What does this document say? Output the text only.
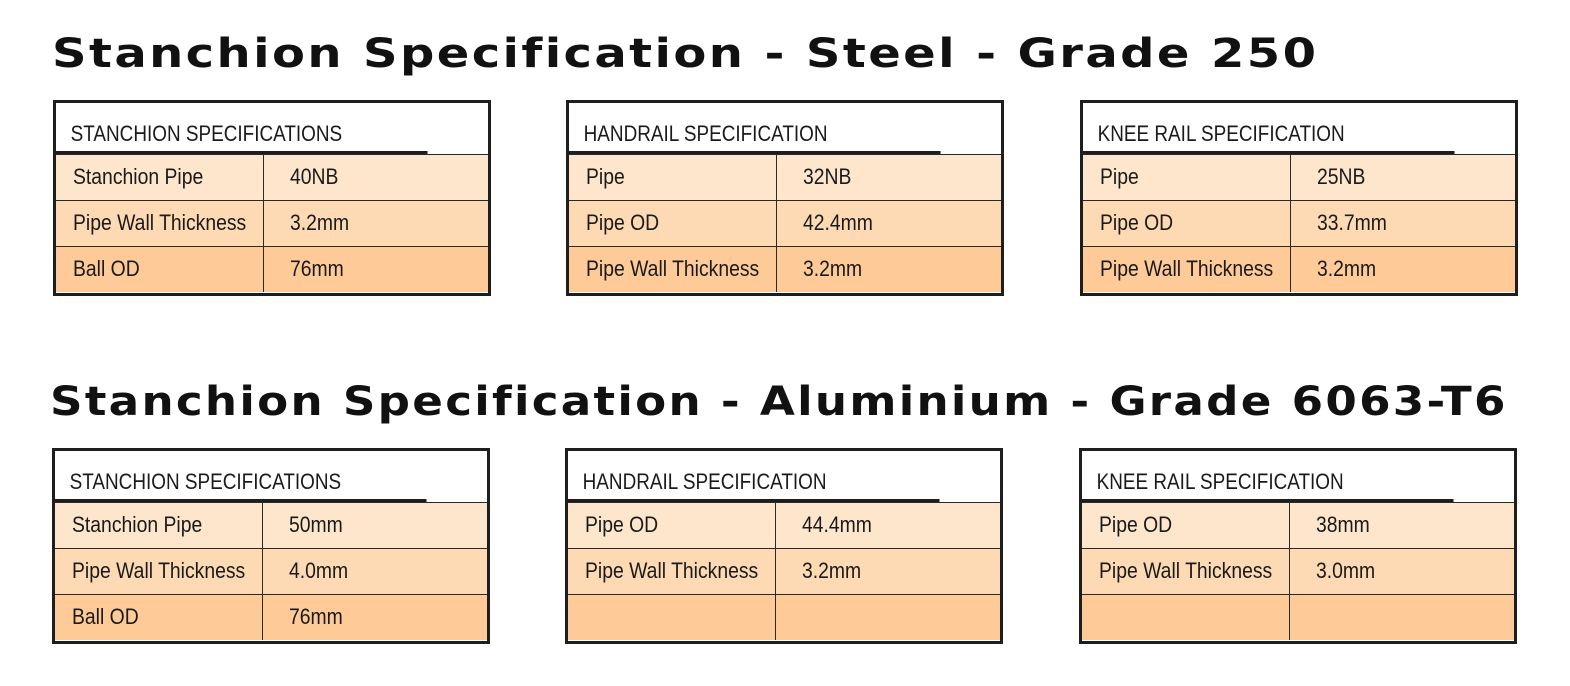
Stanchion Specification - Steel - Grade 250
STANCHION SPECIFICATIONS
Stanchion Pipe	40NB
Pipe Wall Thickness	3.2mm
Ball OD	76mm
HANDRAIL SPECIFICATION
Pipe	32NB
Pipe OD	42.4mm
Pipe Wall Thickness	3.2mm
KNEE RAIL SPECIFICATION
Pipe	25NB
Pipe OD	33.7mm
Pipe Wall Thickness	3.2mm
Stanchion Specification - Aluminium - Grade 6063-T6
STANCHION SPECIFICATIONS
Stanchion Pipe	50mm
Pipe Wall Thickness	4.0mm
Ball OD	76mm
HANDRAIL SPECIFICATION
Pipe OD	44.4mm
Pipe Wall Thickness	3.2mm
KNEE RAIL SPECIFICATION
Pipe OD	38mm
Pipe Wall Thickness	3.0mm
